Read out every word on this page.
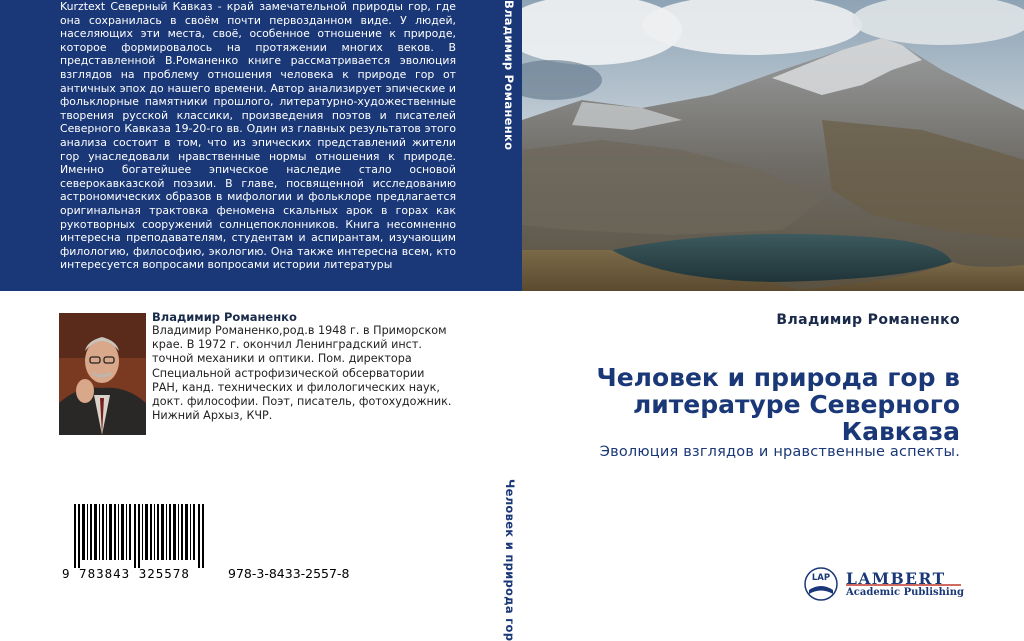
Kurztext Северный Кавказ - край замечательной природы гор, где она сохранилась в своём почти первозданном виде. У людей, населяющих эти места, своё, особенное отношение к природе, которое формировалось на протяжении многих веков. В представленной В.Романенко книге рассматривается эволюция взглядов на проблему отношения человека к природе гор от античных эпох до нашего времени. Автор анализирует эпические и фольклорные памятники прошлого, литературно-художественные творения русской классики, произведения поэтов и писателей Северного Кавказа 19-20-го вв. Один из главных результатов этого анализа состоит в том, что из эпических представлений жители гор унаследовали нравственные нормы отношения к природе. Именно богатейшее эпическое наследие стало основой северокавказской поэзии. В главе, посвященной исследованию астрономических образов в мифологии и фольклоре предлагается оригинальная трактовка феномена скальных арок в горах как рукотворных сооружений солнцепоклонников. Книга несомненно интересна преподавателям, студентам и аспирантам, изучающим филологию, философию, экологию. Она также интересна всем, кто интересуется вопросами вопросами истории литературы
Владимир Романенко
Человек и природа гор
Владимир Романенко
Владимир Романенко,род.в 1948 г. в Приморском
крае. В 1972 г. окончил Ленинградский инст.
точной механики и оптики. Пом. директора
Специальной астрофизической обсерватории
РАН, канд. технических и филологических наук,
докт. философии. Поэт, писатель, фотохудожник.
Нижний Архыз, КЧР.
9 783843 325578	978-3-8433-2557-8
Владимир Романенко
Человек и природа гор в
литературе Северного
Кавказа
Эволюция взглядов и нравственные аспекты.
LAP LAMBERT
Academic Publishing
